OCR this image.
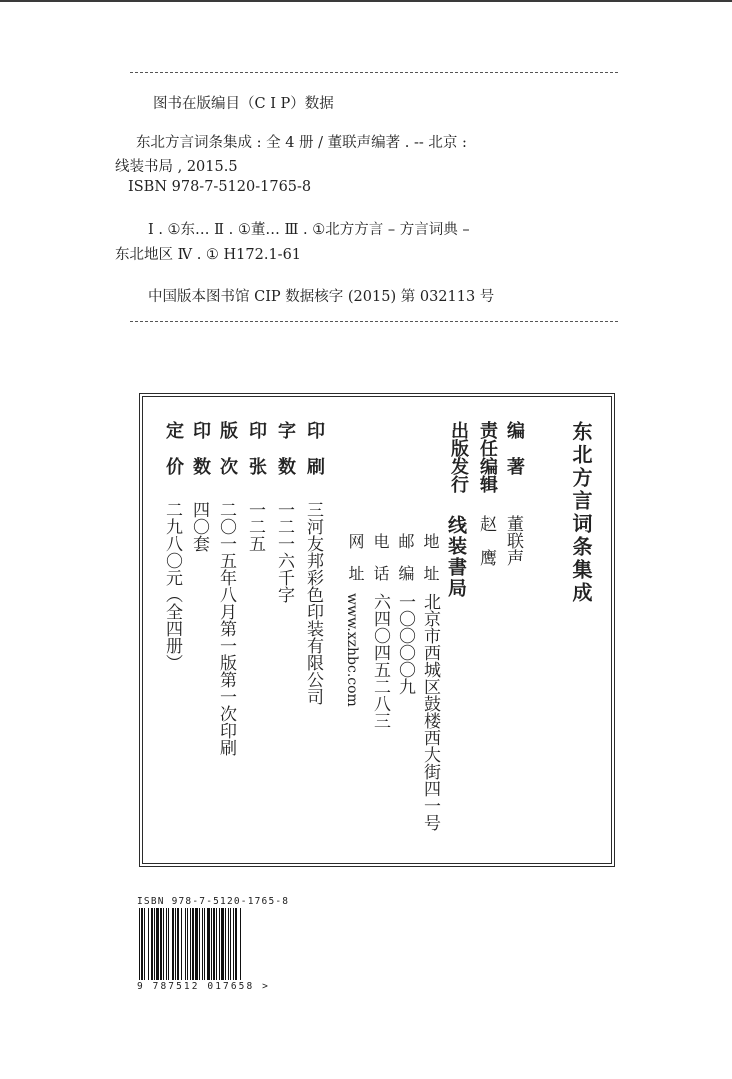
图书在版编目（C I P）数据
东北方言词条集成 : 全 4 册 / 董联声编著 . -- 北京 :
线装书局 , 2015.5
ISBN 978-7-5120-1765-8
Ⅰ . ①东… Ⅱ . ①董… Ⅲ . ①北方方言 – 方言词典 –
东北地区 Ⅳ . ① H172.1-61
中国版本图书馆 CIP 数据核字 (2015) 第 032113 号
东北方言词条集成
编　著
董联声
责任编辑
赵　鹰
出版发行
线装書局
地　址
北京市西城区鼓楼西大街四一号
邮　编
一〇〇〇〇九
电　话
六四〇四五二八三
网　址
www.xzhbc.com
印　刷
三河友邦彩色印装有限公司
字　数
一二一六千字
印　张
一二五
版　次
二〇一五年八月第一版第一次印刷
印　数
四〇套
定　价
二九八〇元（全四册）
ISBN 978-7-5120-1765-8
9 787512 017658 >
